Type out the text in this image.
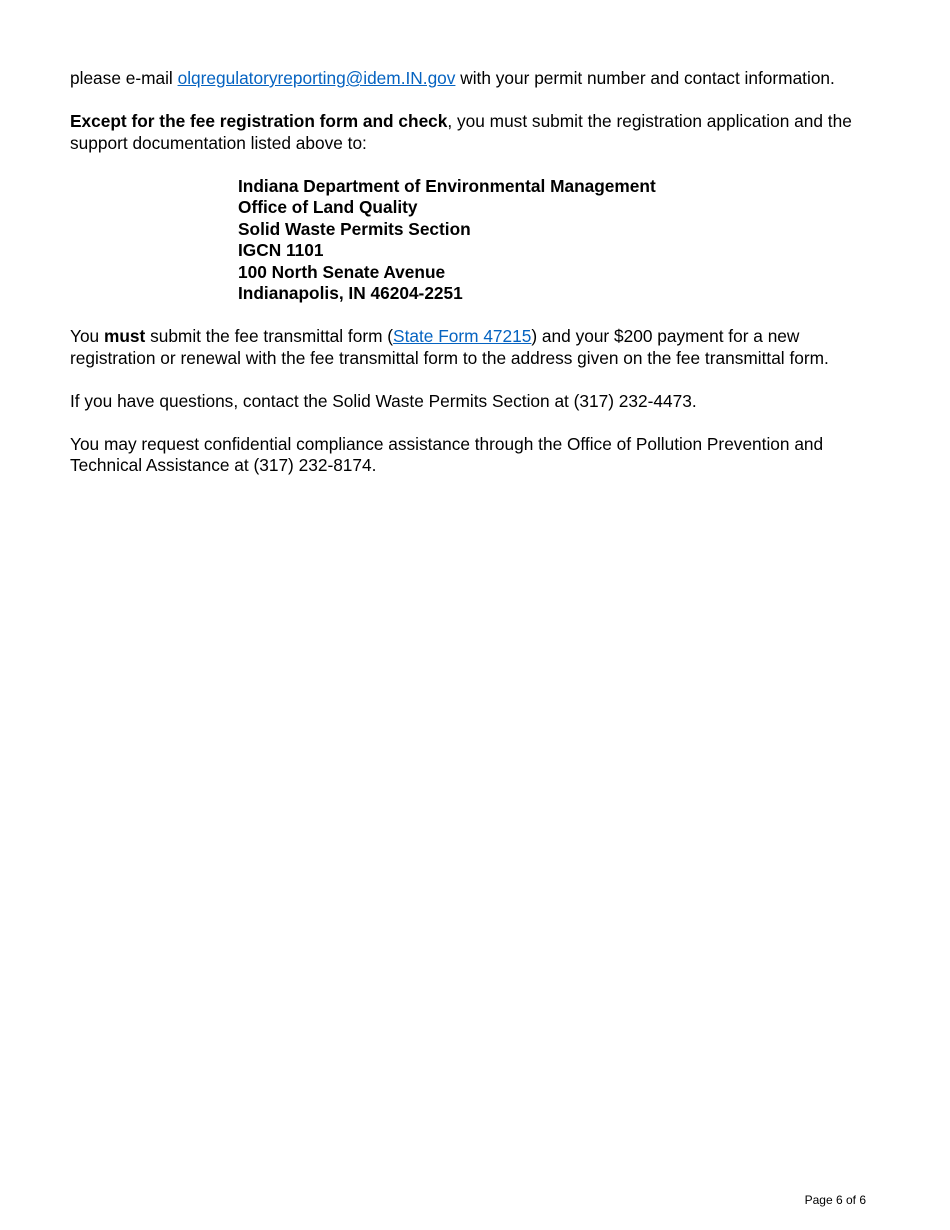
please e-mail olqregulatoryreporting@idem.IN.gov with your permit number and contact information.

Except for the fee registration form and check, you must submit the registration application and the support documentation listed above to:

Indiana Department of Environmental Management
Office of Land Quality
Solid Waste Permits Section
IGCN 1101
100 North Senate Avenue
Indianapolis, IN 46204-2251

You must submit the fee transmittal form (State Form 47215) and your $200 payment for a new registration or renewal with the fee transmittal form to the address given on the fee transmittal form.

If you have questions, contact the Solid Waste Permits Section at (317) 232-4473.

You may request confidential compliance assistance through the Office of Pollution Prevention and Technical Assistance at (317) 232-8174.

Page 6 of 6
